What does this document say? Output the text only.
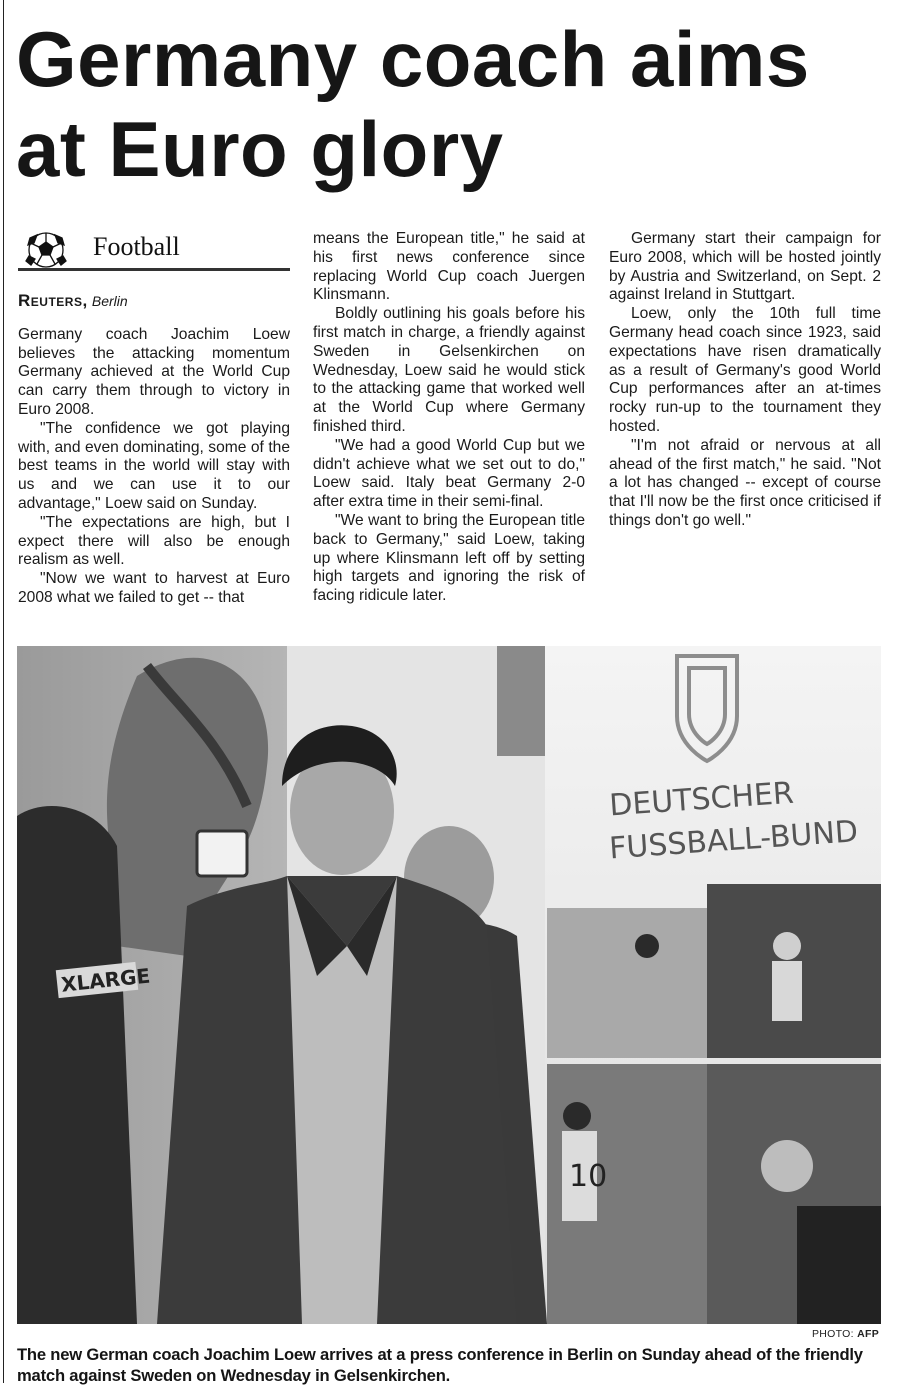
Germany coach aims at Euro glory
Football
Reuters, Berlin

Germany coach Joachim Loew believes the attacking momentum Germany achieved at the World Cup can carry them through to victory in Euro 2008.

"The confidence we got playing with, and even dominating, some of the best teams in the world will stay with us and we can use it to our advantage," Loew said on Sunday.

"The expectations are high, but I expect there will also be enough realism as well.

"Now we want to harvest at Euro 2008 what we failed to get -- that

means the European title," he said at his first news conference since replacing World Cup coach Juergen Klinsmann.

Boldly outlining his goals before his first match in charge, a friendly against Sweden in Gelsenkirchen on Wednesday, Loew said he would stick to the attacking game that worked well at the World Cup where Germany finished third.

"We had a good World Cup but we didn't achieve what we set out to do," Loew said. Italy beat Germany 2-0 after extra time in their semi-final.

"We want to bring the European title back to Germany," said Loew, taking up where Klinsmann left off by setting high targets and ignoring the risk of facing ridicule later.

Germany start their campaign for Euro 2008, which will be hosted jointly by Austria and Switzerland, on Sept. 2 against Ireland in Stuttgart.

Loew, only the 10th full time Germany head coach since 1923, said expectations have risen dramatically as a result of Germany's good World Cup performances after an at-times rocky run-up to the tournament they hosted.

"I'm not afraid or nervous at all ahead of the first match," he said. "Not a lot has changed -- except of course that I'll now be the first once criticised if things don't go well."

DEUTSCHER
FUSSBALL-BUND
10
XLARGE
PHOTO: AFP

The new German coach Joachim Loew arrives at a press conference in Berlin on Sunday ahead of the friendly match against Sweden on Wednesday in Gelsenkirchen.
